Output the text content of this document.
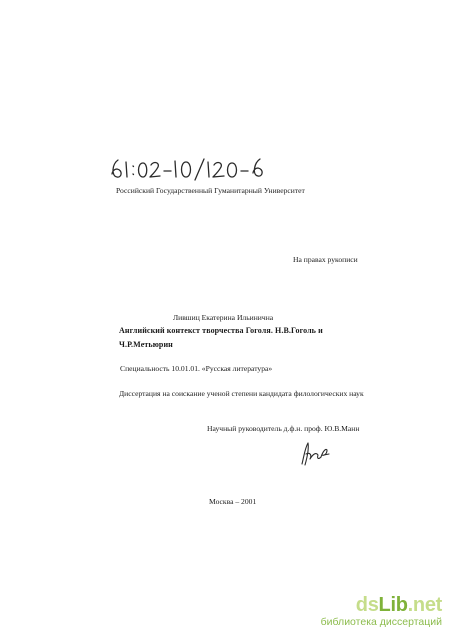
Российский Государственный Гуманитарный Университет
На правах рукописи
Лившиц Екатерина Ильинична
Английский контекст творчества Гоголя. Н.В.Гоголь и
Ч.Р.Метьюрин
Специальность 10.01.01. «Русская литература»
Диссертация на соискание ученой степени кандидата филологических наук
Научный руководитель д.ф.н. проф. Ю.В.Манн
Москва – 2001
dsLib.net
библиотека диссертаций
